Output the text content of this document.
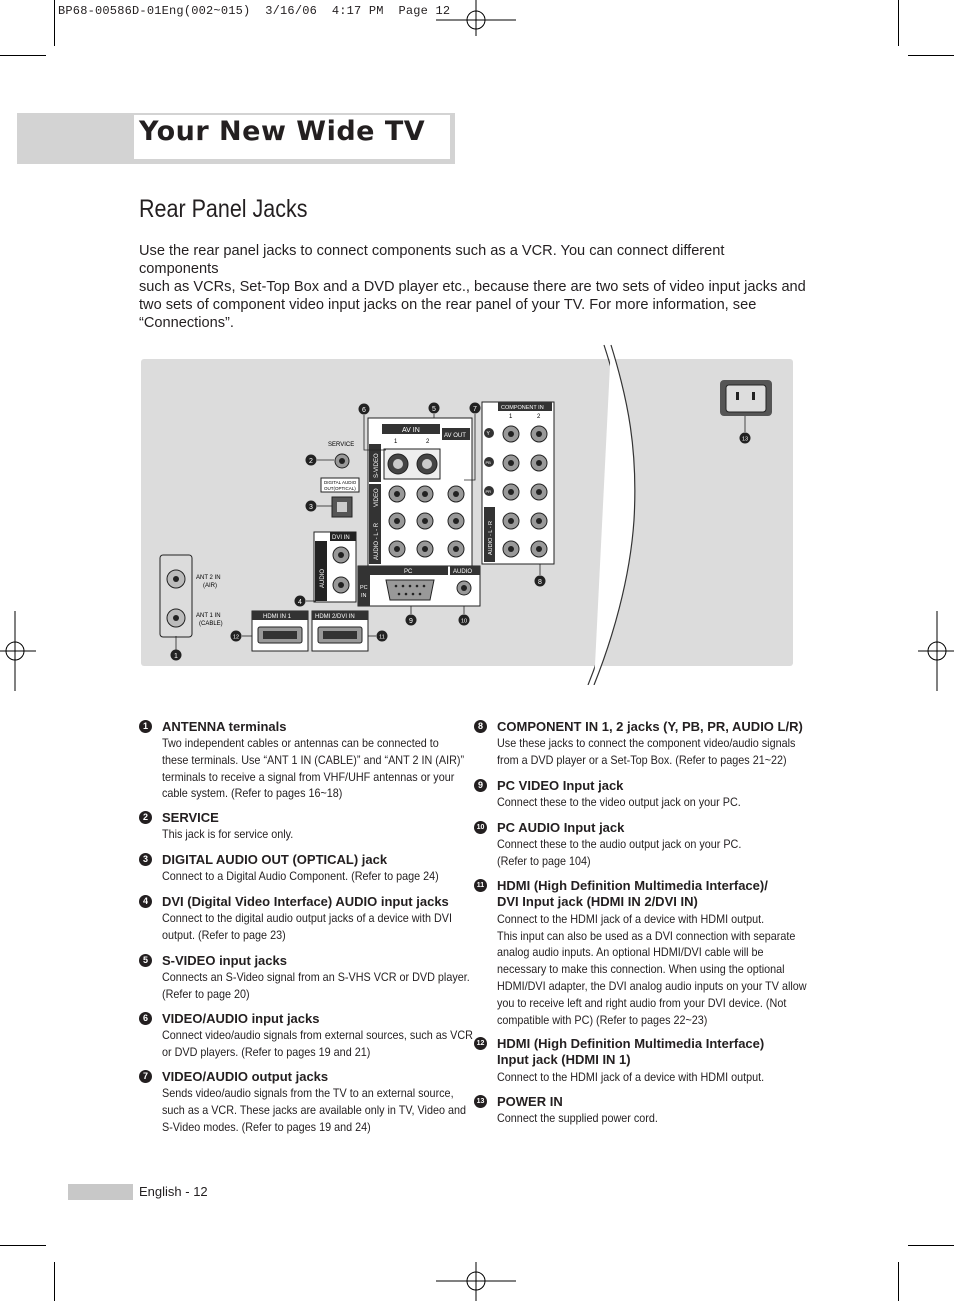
BP68-00586D-01Eng(002~015)  3/16/06  4:17 PM  Page 12
Your New Wide TV
Rear Panel Jacks
Use the rear panel jacks to connect components such as a VCR. You can connect different components
such as VCRs, Set-Top Box and a DVD player etc., because there are two sets of video input jacks and
two sets of component video input jacks on the rear panel of your TV. For more information, see
“Connections”.
ANT 2 IN
(AIR)
ANT 1 IN
(CABLE)
SERVICE
DIGITAL AUDIO
OUT(OPTICAL)
DVI IN
AUDIO
HDMI IN 1	HDMI 2/DVI IN
AV IN
1	2
AV OUT
S-VIDEO
VIDEO
AUDIO - L - R
PC	AUDIO
PC
IN
COMPONENT IN
1	2
Y
PB
PR
AUDIO - L - R
1
2
3
4
5
6	7
8
9	10
11
12
13
1	ANTENNA terminals
Two independent cables or antennas can be connected to
these terminals. Use “ANT 1 IN (CABLE)” and “ANT 2 IN (AIR)”
terminals to receive a signal from VHF/UHF antennas or your
cable system. (Refer to pages 16~18)
2	SERVICE
This jack is for service only.
3	DIGITAL AUDIO OUT (OPTICAL) jack
Connect to a Digital Audio Component. (Refer to page 24)
4	DVI (Digital Video Interface) AUDIO input jacks
Connect to the digital audio output jacks of a device with DVI
output. (Refer to page 23)
5	S-VIDEO input jacks
Connects an S-Video signal from an S-VHS VCR or DVD player.
(Refer to page 20)
6	VIDEO/AUDIO input jacks
Connect video/audio signals from external sources, such as VCR
or DVD players. (Refer to pages 19 and 21)
7	VIDEO/AUDIO output jacks
Sends video/audio signals from the TV to an external source,
such as a VCR. These jacks are available only in TV, Video and
S-Video modes. (Refer to pages 19 and 24)
8	COMPONENT IN 1, 2 jacks (Y, PB, PR, AUDIO L/R)
Use these jacks to connect the component video/audio signals
from a DVD player or a Set-Top Box. (Refer to pages 21~22)
9	PC VIDEO Input jack
Connect these to the video output jack on your PC.
10 PC AUDIO Input jack
Connect these to the audio output jack on your PC.
(Refer to page 104)
11 HDMI (High Definition Multimedia Interface)/
DVI Input jack (HDMI IN 2/DVI IN)
Connect to the HDMI jack of a device with HDMI output.
This input can also be used as a DVI connection with separate
analog audio inputs. An optional HDMI/DVI cable will be
necessary to make this connection. When using the optional
HDMI/DVI adapter, the DVI analog audio inputs on your TV allow
you to receive left and right audio from your DVI device. (Not
compatible with PC) (Refer to pages 22~23)
12 HDMI (High Definition Multimedia Interface)
Input jack (HDMI IN 1)
Connect to the HDMI jack of a device with HDMI output.
13 POWER IN
Connect the supplied power cord.
English - 12
